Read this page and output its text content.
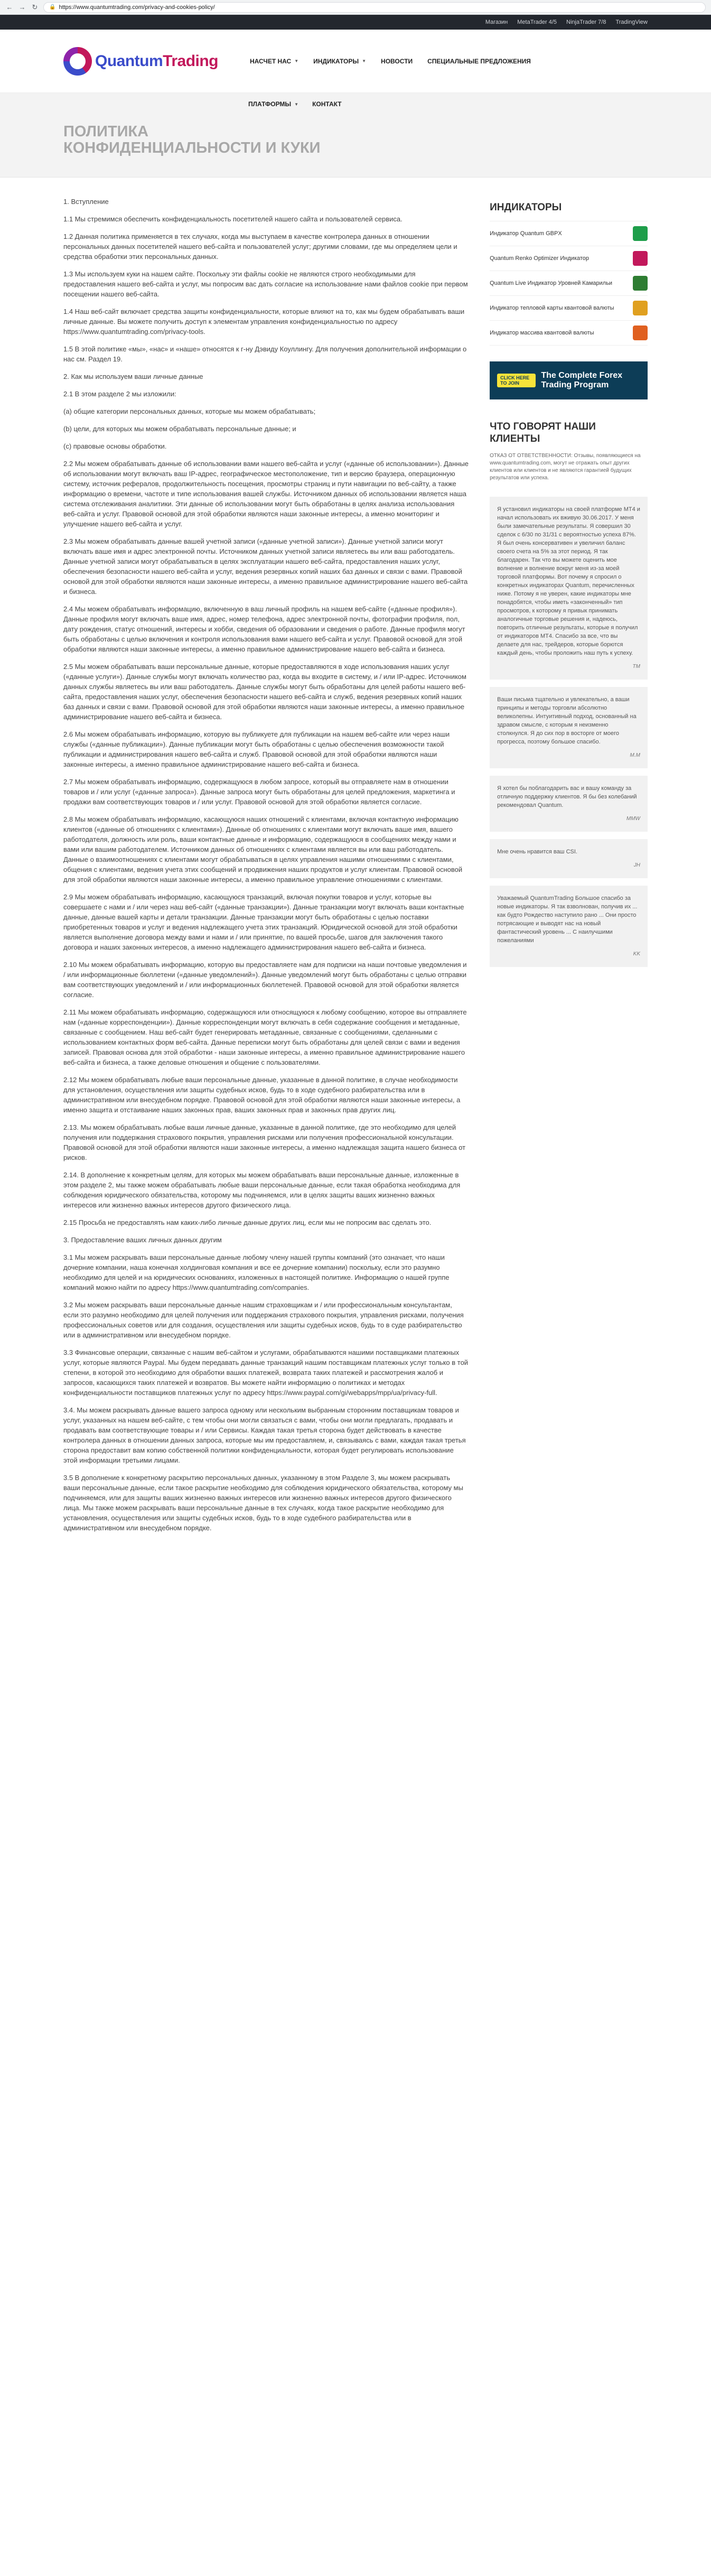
← → ↻ 🔒 https://www.quantumtrading.com/privacy-and-cookies-policy/
Магазин MetaTrader 4/5 NinjaTrader 7/8 TradingView
QuantumTrading	НАСЧЕТ НАС ▼ ИНДИКАТОРЫ ▼ НОВОСТИ СПЕЦИАЛЬНЫЕ ПРЕДЛОЖЕНИЯ
ПЛАТФОРМЫ ▼ КОНТАКТ
ПОЛИТИКА КОНФИДЕНЦИАЛЬНОСТИ И КУКИ

1. Вступление

1.1 Мы стремимся обеспечить конфиденциальность посетителей нашего сайта и пользователей сервиса.

1.2 Данная политика применяется в тех случаях, когда мы выступаем в качестве контролера данных в отношении персональных данных посетителей нашего веб-сайта и пользователей услуг; другими словами, где мы определяем цели и средства обработки этих персональных данных.

1.3 Мы используем куки на нашем сайте. Поскольку эти файлы cookie не являются строго необходимыми для предоставления нашего веб-сайта и услуг, мы попросим вас дать согласие на использование нами файлов cookie при первом посещении нашего веб-сайта.

1.4 Наш веб-сайт включает средства защиты конфиденциальности, которые влияют на то, как мы будем обрабатывать ваши личные данные. Вы можете получить доступ к элементам управления конфиденциальностью по адресу https://www.quantumtrading.com/privacy-tools.

1.5 В этой политике «мы», «нас» и «наше» относятся к г-ну Дэвиду Коуллингу. Для получения дополнительной информации о нас см. Раздел 19.

2. Как мы используем ваши личные данные

2.1 В этом разделе 2 мы изложили:

(a) общие категории персональных данных, которые мы можем обрабатывать;

(b) цели, для которых мы можем обрабатывать персональные данные; и

(c) правовые основы обработки.

2.2 Мы можем обрабатывать данные об использовании вами нашего веб-сайта и услуг («данные об использовании»). Данные об использовании могут включать ваш IP-адрес, географическое местоположение, тип и версию браузера, операционную систему, источник рефералов, продолжительность посещения, просмотры страниц и пути навигации по веб-сайту, а также информацию о времени, частоте и типе использования вашей службы. Источником данных об использовании является наша система отслеживания аналитики. Эти данные об использовании могут быть обработаны в целях анализа использования веб-сайта и услуг. Правовой основой для этой обработки являются наши законные интересы, а именно мониторинг и улучшение нашего веб-сайта и услуг.

2.3 Мы можем обрабатывать данные вашей учетной записи («данные учетной записи»). Данные учетной записи могут включать ваше имя и адрес электронной почты. Источником данных учетной записи являетесь вы или ваш работодатель. Данные учетной записи могут обрабатываться в целях эксплуатации нашего веб-сайта, предоставления наших услуг, обеспечения безопасности нашего веб-сайта и услуг, ведения резервных копий наших баз данных и связи с вами. Правовой основой для этой обработки являются наши законные интересы, а именно правильное администрирование нашего веб-сайта и бизнеса.

2.4 Мы можем обрабатывать информацию, включенную в ваш личный профиль на нашем веб-сайте («данные профиля»). Данные профиля могут включать ваше имя, адрес, номер телефона, адрес электронной почты, фотографии профиля, пол, дату рождения, статус отношений, интересы и хобби, сведения об образовании и сведения о работе. Данные профиля могут быть обработаны с целью включения и контроля использования вами нашего веб-сайта и услуг. Правовой основой для этой обработки являются наши законные интересы, а именно правильное администрирование нашего веб-сайта и бизнеса.

2.5 Мы можем обрабатывать ваши персональные данные, которые предоставляются в ходе использования наших услуг («данные услуги»). Данные службы могут включать количество раз, когда вы входите в систему, и / или IP-адрес. Источником данных службы являетесь вы или ваш работодатель. Данные службы могут быть обработаны для целей работы нашего веб-сайта, предоставления наших услуг, обеспечения безопасности нашего веб-сайта и служб, ведения резервных копий наших баз данных и связи с вами. Правовой основой для этой обработки являются наши законные интересы, а именно правильное администрирование нашего веб-сайта и бизнеса.

2.6 Мы можем обрабатывать информацию, которую вы публикуете для публикации на нашем веб-сайте или через наши службы («данные публикации»). Данные публикации могут быть обработаны с целью обеспечения возможности такой публикации и администрирования нашего веб-сайта и служб. Правовой основой для этой обработки являются наши законные интересы, а именно правильное администрирование нашего веб-сайта и бизнеса.

2.7 Мы можем обрабатывать информацию, содержащуюся в любом запросе, который вы отправляете нам в отношении товаров и / или услуг («данные запроса»). Данные запроса могут быть обработаны для целей предложения, маркетинга и продажи вам соответствующих товаров и / или услуг. Правовой основой для этой обработки является согласие.

2.8 Мы можем обрабатывать информацию, касающуюся наших отношений с клиентами, включая контактную информацию клиентов («данные об отношениях с клиентами»). Данные об отношениях с клиентами могут включать ваше имя, вашего работодателя, должность или роль, ваши контактные данные и информацию, содержащуюся в сообщениях между нами и вами или вашим работодателем. Источником данных об отношениях с клиентами является вы или ваш работодатель. Данные о взаимоотношениях с клиентами могут обрабатываться в целях управления нашими отношениями с клиентами, общения с клиентами, ведения учета этих сообщений и продвижения наших продуктов и услуг клиентам. Правовой основой для этой обработки являются наши законные интересы, а именно правильное управление отношениями с клиентами.

2.9 Мы можем обрабатывать информацию, касающуюся транзакций, включая покупки товаров и услуг, которые вы совершаете с нами и / или через наш веб-сайт («данные транзакции»). Данные транзакции могут включать ваши контактные данные, данные вашей карты и детали транзакции. Данные транзакции могут быть обработаны с целью поставки приобретенных товаров и услуг и ведения надлежащего учета этих транзакций. Юридической основой для этой обработки является выполнение договора между вами и нами и / или принятие, по вашей просьбе, шагов для заключения такого договора и наших законных интересов, а именно надлежащего администрирования нашего веб-сайта и бизнеса.

2.10 Мы можем обрабатывать информацию, которую вы предоставляете нам для подписки на наши почтовые уведомления и / или информационные бюллетени («данные уведомлений»). Данные уведомлений могут быть обработаны с целью отправки вам соответствующих уведомлений и / или информационных бюллетеней. Правовой основой для этой обработки является согласие.

2.11 Мы можем обрабатывать информацию, содержащуюся или относящуюся к любому сообщению, которое вы отправляете нам («данные корреспонденции»). Данные корреспонденции могут включать в себя содержание сообщения и метаданные, связанные с сообщением. Наш веб-сайт будет генерировать метаданные, связанные с сообщениями, сделанными с использованием контактных форм веб-сайта. Данные переписки могут быть обработаны для целей связи с вами и ведения записей. Правовая основа для этой обработки - наши законные интересы, а именно правильное администрирование нашего веб-сайта и бизнеса, а также деловые отношения и общение с пользователями.

2.12 Мы можем обрабатывать любые ваши персональные данные, указанные в данной политике, в случае необходимости для установления, осуществления или защиты судебных исков, будь то в ходе судебного разбирательства или в административном или внесудебном порядке. Правовой основой для этой обработки являются наши законные интересы, а именно защита и отстаивание наших законных прав, ваших законных прав и законных прав других лиц.

2.13. Мы можем обрабатывать любые ваши личные данные, указанные в данной политике, где это необходимо для целей получения или поддержания страхового покрытия, управления рисками или получения профессиональной консультации. Правовой основой для этой обработки являются наши законные интересы, а именно надлежащая защита нашего бизнеса от рисков.

2.14. В дополнение к конкретным целям, для которых мы можем обрабатывать ваши персональные данные, изложенные в этом разделе 2, мы также можем обрабатывать любые ваши персональные данные, если такая обработка необходима для соблюдения юридического обязательства, которому мы подчиняемся, или в целях защиты ваших жизненно важных интересов или жизненно важных интересов другого физического лица.

2.15 Просьба не предоставлять нам каких-либо личные данные других лиц, если мы не попросим вас сделать это.

3. Предоставление ваших личных данных другим

3.1 Мы можем раскрывать ваши персональные данные любому члену нашей группы компаний (это означает, что наши дочерние компании, наша конечная холдинговая компания и все ее дочерние компании) поскольку, если это разумно необходимо для целей и на юридических основаниях, изложенных в настоящей политике. Информацию о нашей группе компаний можно найти по адресу https://www.quantumtrading.com/companies.

3.2 Мы можем раскрывать ваши персональные данные нашим страховщикам и / или профессиональным консультантам, если это разумно необходимо для целей получения или поддержания страхового покрытия, управления рисками, получения профессиональных советов или для создания, осуществления или защиты судебных исков, будь то в суде разбирательство или в административном или внесудебном порядке.

3.3 Финансовые операции, связанные с нашим веб-сайтом и услугами, обрабатываются нашими поставщиками платежных услуг, которые являются Paypal. Мы будем передавать данные транзакций нашим поставщикам платежных услуг только в той степени, в которой это необходимо для обработки ваших платежей, возврата таких платежей и рассмотрения жалоб и запросов, касающихся таких платежей и возвратов. Вы можете найти информацию о политиках и методах конфиденциальности поставщиков платежных услуг по адресу https://www.paypal.com/gi/webapps/mpp/ua/privacy-full.

3.4. Мы можем раскрывать данные вашего запроса одному или нескольким выбранным сторонним поставщикам товаров и услуг, указанных на нашем веб-сайте, с тем чтобы они могли связаться с вами, чтобы они могли предлагать, продавать и продавать вам соответствующие товары и / или Сервисы. Каждая такая третья сторона будет действовать в качестве контролера данных в отношении данных запроса, которые мы им предоставляем, и, связываясь с вами, каждая такая третья сторона предоставит вам копию собственной политики конфиденциальности, которая будет регулировать использование этой информации третьими лицами.

3.5 В дополнение к конкретному раскрытию персональных данных, указанному в этом Разделе 3, мы можем раскрывать ваши персональные данные, если такое раскрытие необходимо для соблюдения юридического обязательства, которому мы подчиняемся, или для защиты ваших жизненно важных интересов или жизненно важных интересов другого физического лица. Мы также можем раскрывать ваши персональные данные в тех случаях, когда такое раскрытие необходимо для установления, осуществления или защиты судебных исков, будь то в ходе судебного разбирательства или в административном или внесудебном порядке.

ИНДИКАТОРЫ
Индикатор Quantum GBPX
Quantum Renko Optimizer Индикатор
Quantum Live Индикатор Уровней Камарильи
Индикатор тепловой карты квантовой валюты
Индикатор массива квантовой валюты
CLICK HERE TO JOIN
The Complete Forex Trading Program
ЧТО ГОВОРЯТ НАШИ КЛИЕНТЫ
ОТКАЗ ОТ ОТВЕТСТВЕННОСТИ: Отзывы, появляющиеся на www.quantumtrading.com, могут не отражать опыт других клиентов или клиентов и не являются гарантией будущих результатов или успеха.
Я установил индикаторы на своей платформе MT4 и начал использовать их вживую 30.06.2017. У меня были замечательные результаты. Я совершил 30 сделок с 6/30 по 31/31 с вероятностью успеха 87%. Я был очень консервативен и увеличил баланс своего счета на 5% за этот период. Я так благодарен. Так что вы можете оценить мое волнение и волнение вокруг меня из-за моей торговой платформы. Вот почему я спросил о конкретных индикаторах Quantum, перечисленных ниже. Потому я не уверен, какие индикаторы мне понадобятся, чтобы иметь «законченный» тип просмотров, к которому я привык принимать аналогичные торговые решения и, надеюсь, повторить отличные результаты, которые я получил от индикаторов MT4. Спасибо за все, что вы делаете для нас, трейдеров, которые борются каждый день, чтобы проложить наш путь к успеху.
TM
Ваши письма тщательно и увлекательно, а ваши принципы и методы торговли абсолютно великолепны. Интуитивный подход, основанный на здравом смысле, с которым я неизменно столкнулся. Я до сих пор в восторге от моего прогресса, поэтому большое спасибо.
M.M
Я хотел бы поблагодарить вас и вашу команду за отличную поддержку клиентов. Я бы без колебаний рекомендовал Quantum.
MMW
Мне очень нравится ваш CSI.
JH
Уважаемый QuantumTrading Большое спасибо за новые индикаторы. Я так взволнован, получив их ... как будто Рождество наступило рано ... Они просто потрясающие и выводят нас на новый фантастический уровень ... С наилучшими пожеланиями
KK
